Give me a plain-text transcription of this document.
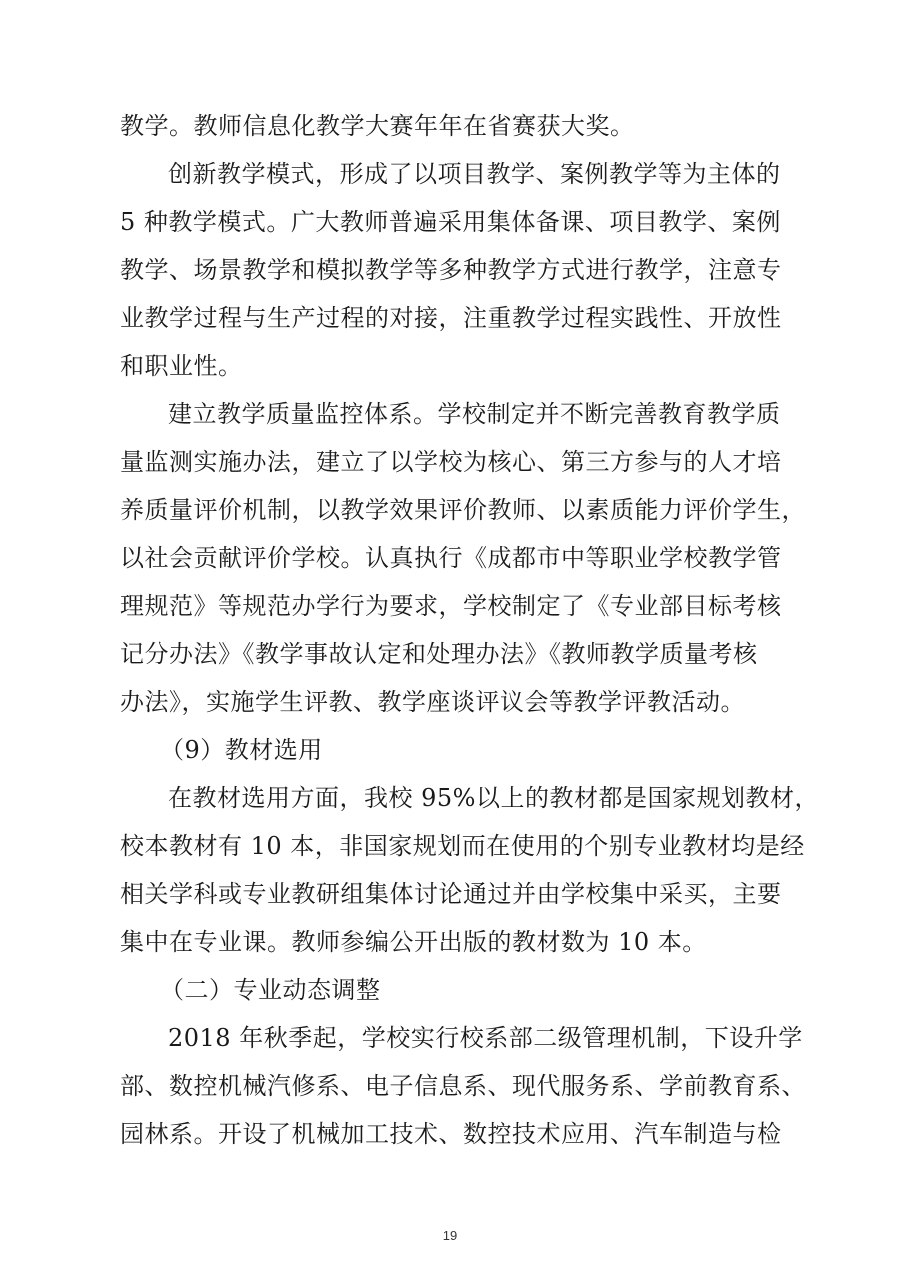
教学。教师信息化教学大赛年年在省赛获大奖。
创新教学模式，形成了以项目教学、案例教学等为主体的
5 种教学模式。广大教师普遍采用集体备课、项目教学、案例
教学、场景教学和模拟教学等多种教学方式进行教学，注意专
业教学过程与生产过程的对接，注重教学过程实践性、开放性
和职业性。
建立教学质量监控体系。学校制定并不断完善教育教学质
量监测实施办法，建立了以学校为核心、第三方参与的人才培
养质量评价机制，以教学效果评价教师、以素质能力评价学生，
以社会贡献评价学校。认真执行《成都市中等职业学校教学管
理规范》等规范办学行为要求，学校制定了《专业部目标考核
记分办法》《教学事故认定和处理办法》《教师教学质量考核
办法》，实施学生评教、教学座谈评议会等教学评教活动。
（9）教材选用
在教材选用方面，我校 95%以上的教材都是国家规划教材，
校本教材有 10 本，非国家规划而在使用的个别专业教材均是经
相关学科或专业教研组集体讨论通过并由学校集中采买，主要
集中在专业课。教师参编公开出版的教材数为 10 本。
（二）专业动态调整
2018 年秋季起，学校实行校系部二级管理机制，下设升学
部、数控机械汽修系、电子信息系、现代服务系、学前教育系、
园林系。开设了机械加工技术、数控技术应用、汽车制造与检
19
